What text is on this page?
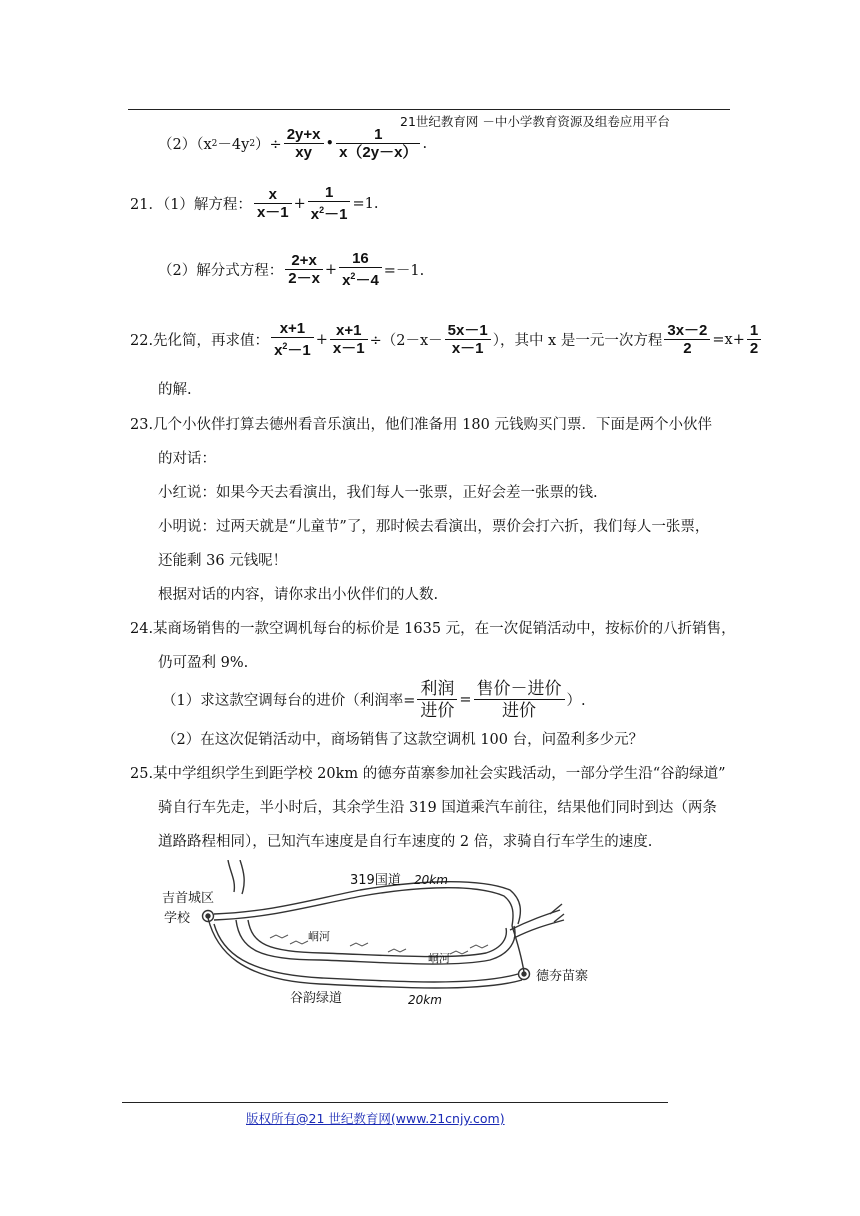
21世纪教育网 －中小学教育资源及组卷应用平台
（2）（x 2 －4y 2 ）÷ $\frac{2y+x}{xy}$ • $\frac{1}{x(2y-x)}$ .
21．（1）解方程： $\frac{x}{x-1} + \frac{1}{x^2-1} =1$.
（2）解分式方程： $\frac{2+x}{2-x} + \frac{16}{x^2-4} =-1$.
22.先化简，再求值： $\frac{x+1}{x^2-1} + \frac{x+1}{x-1} \div(2-x- \frac{5x-1}{x-1}$ ），其中 x 是一元一次方程 $\frac{3x-2}{2} =x+ \frac{1}{2}$
的解.
23.几个小伙伴打算去德州看音乐演出，他们准备用 180 元钱购买门票．下面是两个小伙伴
的对话：
小红说：如果今天去看演出，我们每人一张票，正好会差一张票的钱.
小明说：过两天就是“儿童节”了，那时候去看演出，票价会打六折，我们每人一张票，
还能剩 36 元钱呢！
根据对话的内容，请你求出小伙伴们的人数.
24.某商场销售的一款空调机每台的标价是 1635 元，在一次促销活动中，按标价的八折销售，
仍可盈利 9%.
（1）求这款空调每台的进价（利润率= $\frac{\text{利润}}{\text{进价}} = \frac{\text{售价－进价}}{\text{进价}}$ ）.
（2）在这次促销活动中，商场销售了这款空调机 100 台，问盈利多少元？
25.某中学组织学生到距学校 20km 的德夯苗寨参加社会实践活动，一部分学生沿“谷韵绿道”
骑自行车先走，半小时后，其余学生沿 319 国道乘汽车前往，结果他们同时到达（两条
道路路程相同），已知汽车速度是自行车速度的 2 倍，求骑自行车学生的速度.
吉首城区
学校
319国道 20km
峒河
峒河
谷韵绿道	20km
德夯苗寨
版权所有@21 世纪教育网(www.21cnjy.com)
